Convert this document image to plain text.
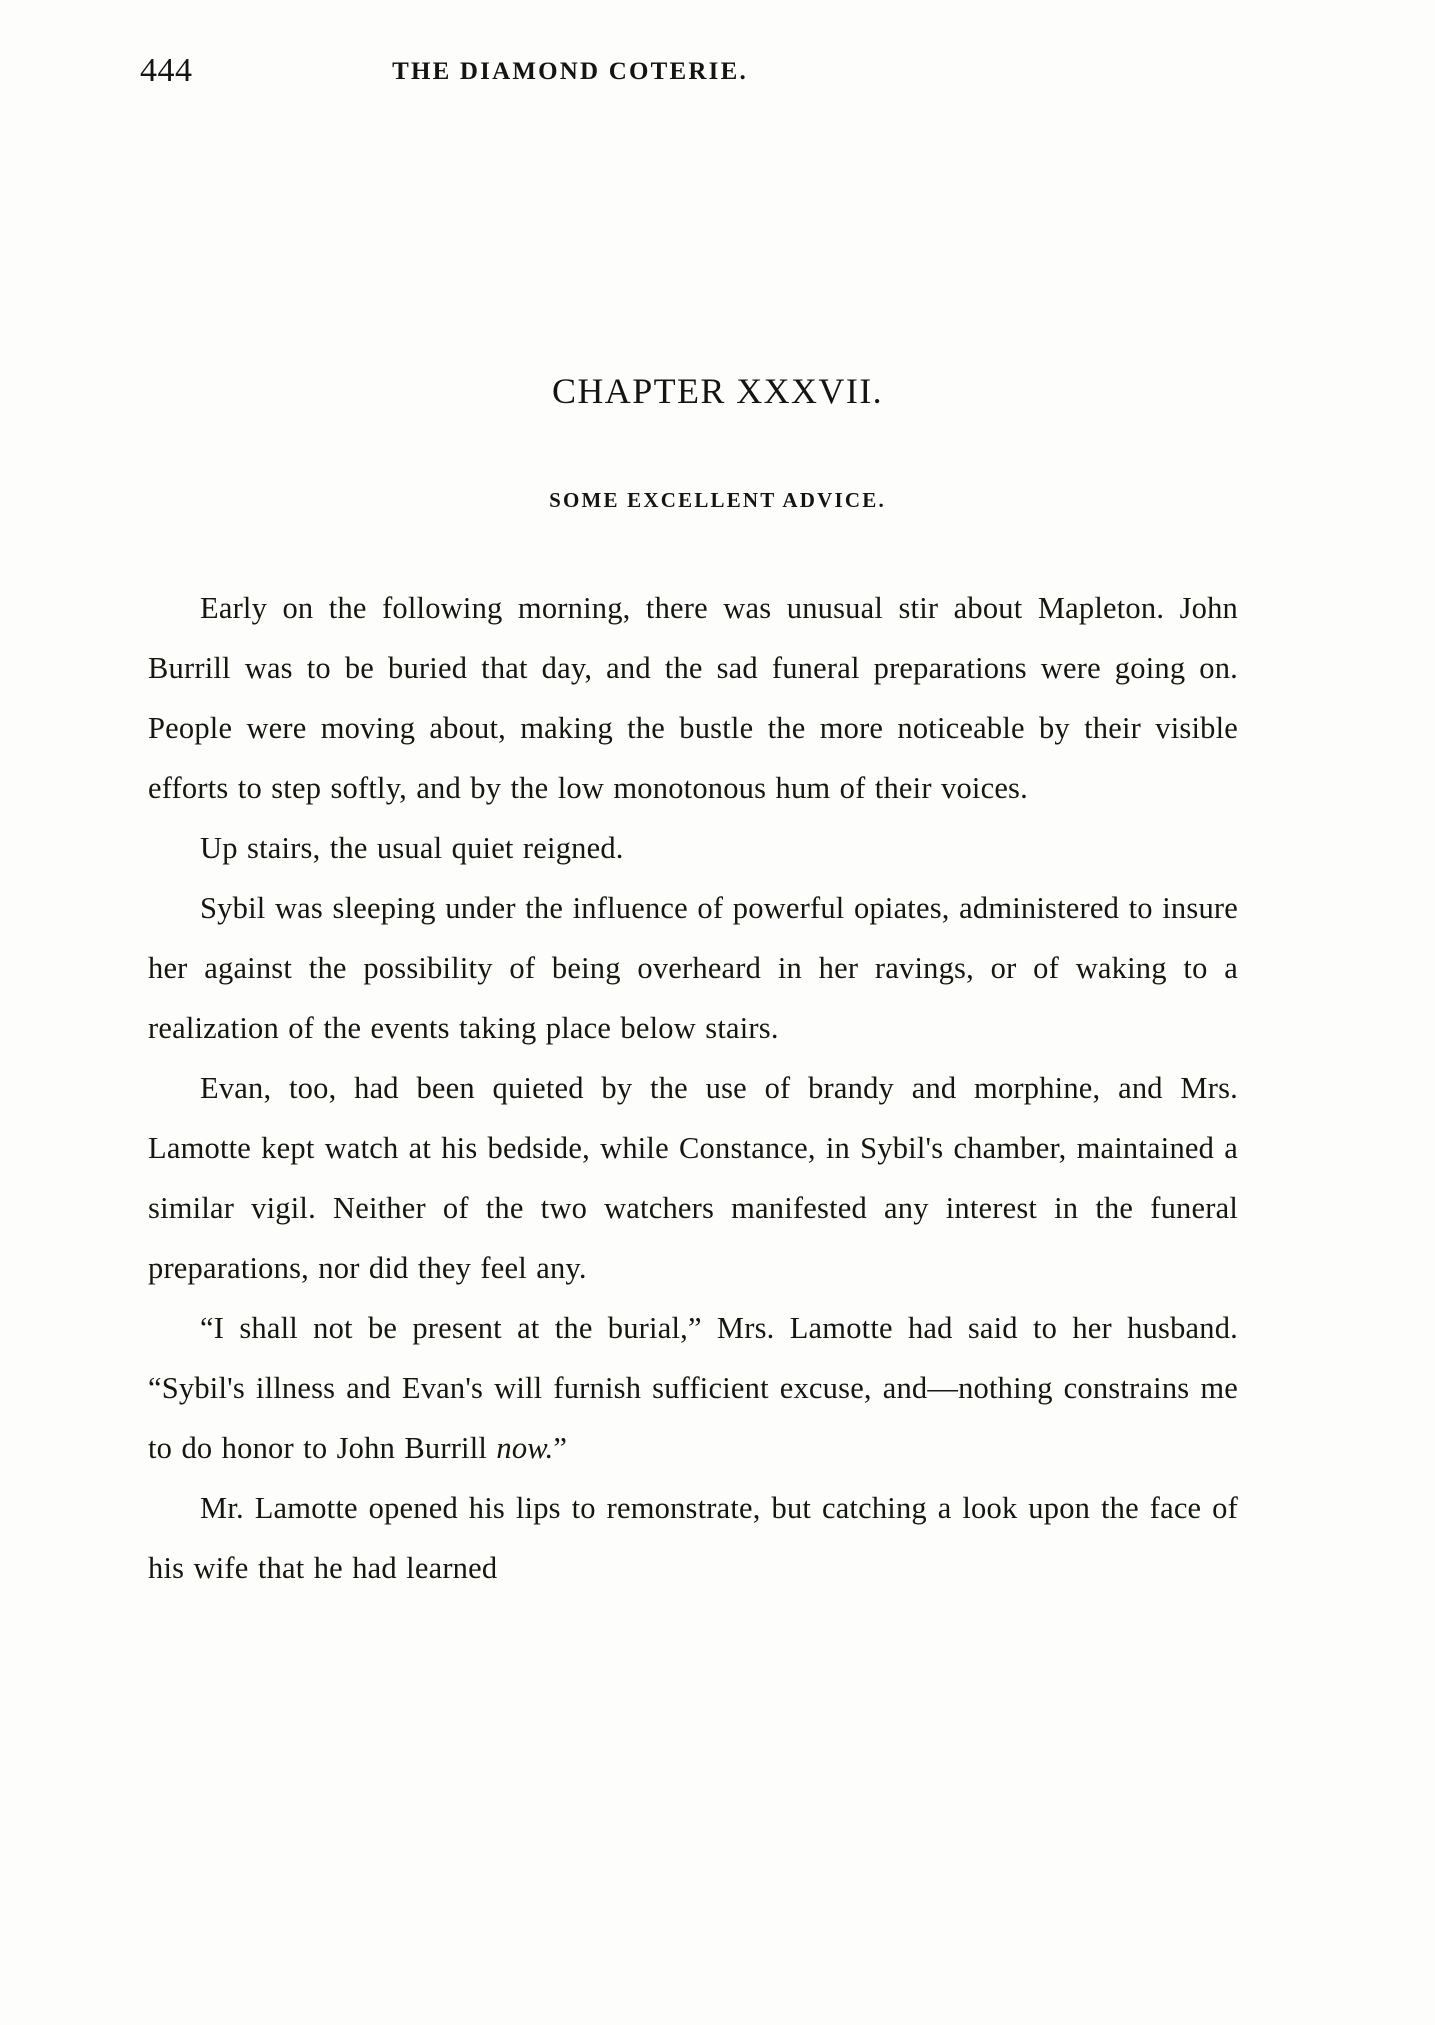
444	THE DIAMOND COTERIE.
CHAPTER XXXVII.
SOME EXCELLENT ADVICE.

Early on the following morning, there was unusual stir about Mapleton. John Burrill was to be buried that day, and the sad funeral preparations were going on. People were moving about, making the bustle the more noticeable by their visible efforts to step softly, and by the low monotonous hum of their voices.

Up stairs, the usual quiet reigned.

Sybil was sleeping under the influence of powerful opiates, administered to insure her against the possibility of being overheard in her ravings, or of waking to a realization of the events taking place below stairs.

Evan, too, had been quieted by the use of brandy and morphine, and Mrs. Lamotte kept watch at his bedside, while Constance, in Sybil's chamber, maintained a similar vigil. Neither of the two watchers manifested any interest in the funeral preparations, nor did they feel any.

“I shall not be present at the burial,” Mrs. Lamotte had said to her husband. “Sybil's illness and Evan's will furnish sufficient excuse, and—nothing constrains me to do honor to John Burrill now.”

Mr. Lamotte opened his lips to remonstrate, but catching a look upon the face of his wife that he had learned
